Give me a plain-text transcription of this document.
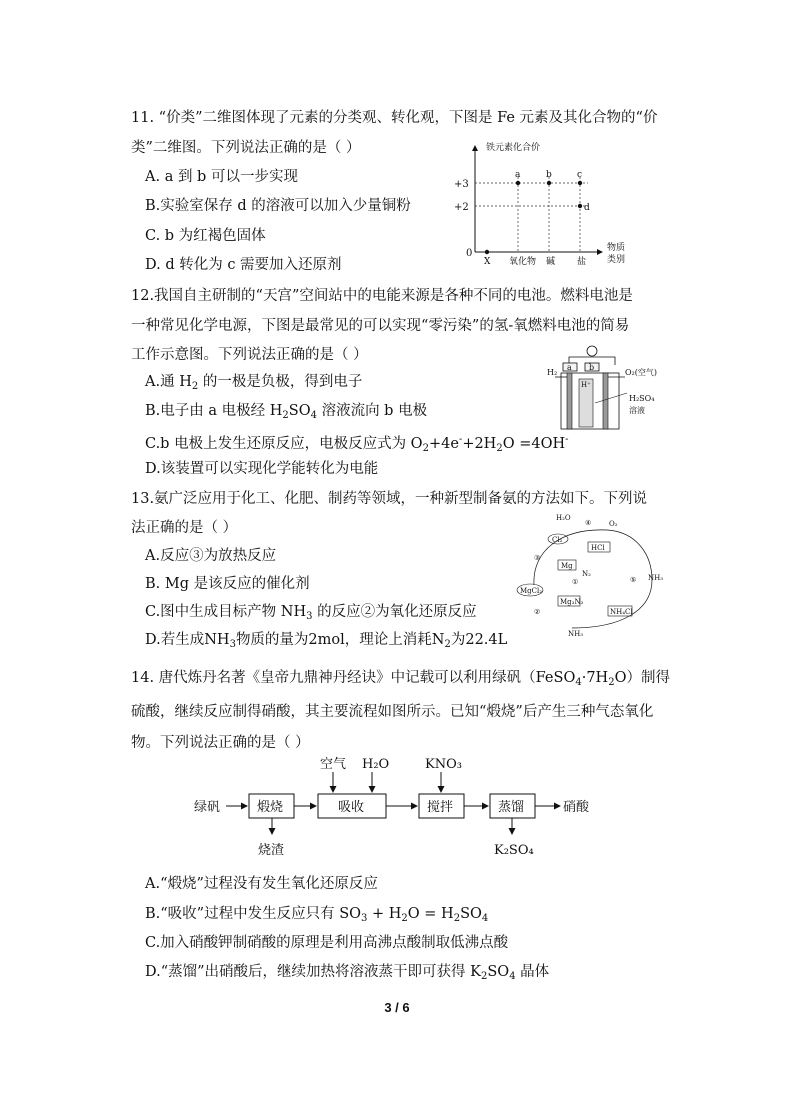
11. “价类”二维图体现了元素的分类观、转化观，下图是 Fe 元素及其化合物的“价
类”二维图。下列说法正确的是（ ）
A. a 到 b 可以一步实现
B.实验室保存 d 的溶液可以加入少量铜粉
C. b 为红褐色固体
D. d 转化为 c 需要加入还原剂
铁元素化合价
物质
类别
+3
+2
0
X 氧化物 碱 盐
a	b	c
d
12.我国自主研制的“天宫”空间站中的电能来源是各种不同的电池。燃料电池是
一种常见化学电源，下图是最常见的可以实现“零污染”的氢-氧燃料电池的简易
工作示意图。下列说法正确的是（ ）
A.通 $H_2$ 的一极是负极，得到电子
B.电子由 a 电极经 $H_2SO_4$ 溶液流向 b 电极
C.b 电极上发生还原反应，电极反应式为 $O_2+4e^-+2H_2O =4OH^-$
D.该装置可以实现化学能转化为电能
a b
H⁺
H₂	O₂(空气)
H₂SO₄
溶液
13.氨广泛应用于化工、化肥、制药等领域，一种新型制备氨的方法如下。下列说
法正确的是（ ）
A.反应③为放热反应
B. Mg 是该反应的催化剂
C.图中生成目标产物 $NH_3$ 的反应②为氧化还原反应
D.若生成$NH_3$物质的量为2mol，理论上消耗$N_2$为22.4L
H₂O
O₂
④
Cl₂
HCl
③
Mg
N₂
①
MgCl₂
⑤ NH₃
Mg₃N₂
②	NH₄Cl
NH₃
14. 唐代炼丹名著《皇帝九鼎神丹经诀》中记载可以利用绿矾$(FeSO_4\cdot 7H_2O)$制得
硫酸，继续反应制得硝酸，其主要流程如图所示。已知“煅烧”后产生三种气态氧化
物。下列说法正确的是（ ）
绿矾	煅烧
烧渣
吸收
空气 H₂O
搅拌
KNO₃
蒸馏	硝酸
K₂SO₄
A.“煅烧”过程没有发生氧化还原反应
B.“吸收”过程中发生反应只有 $SO_3 + H_2O = H_2SO_4$
C.加入硝酸钾制硝酸的原理是利用高沸点酸制取低沸点酸
D.“蒸馏”出硝酸后，继续加热将溶液蒸干即可获得 $K_2SO_4$ 晶体
3 / 6
